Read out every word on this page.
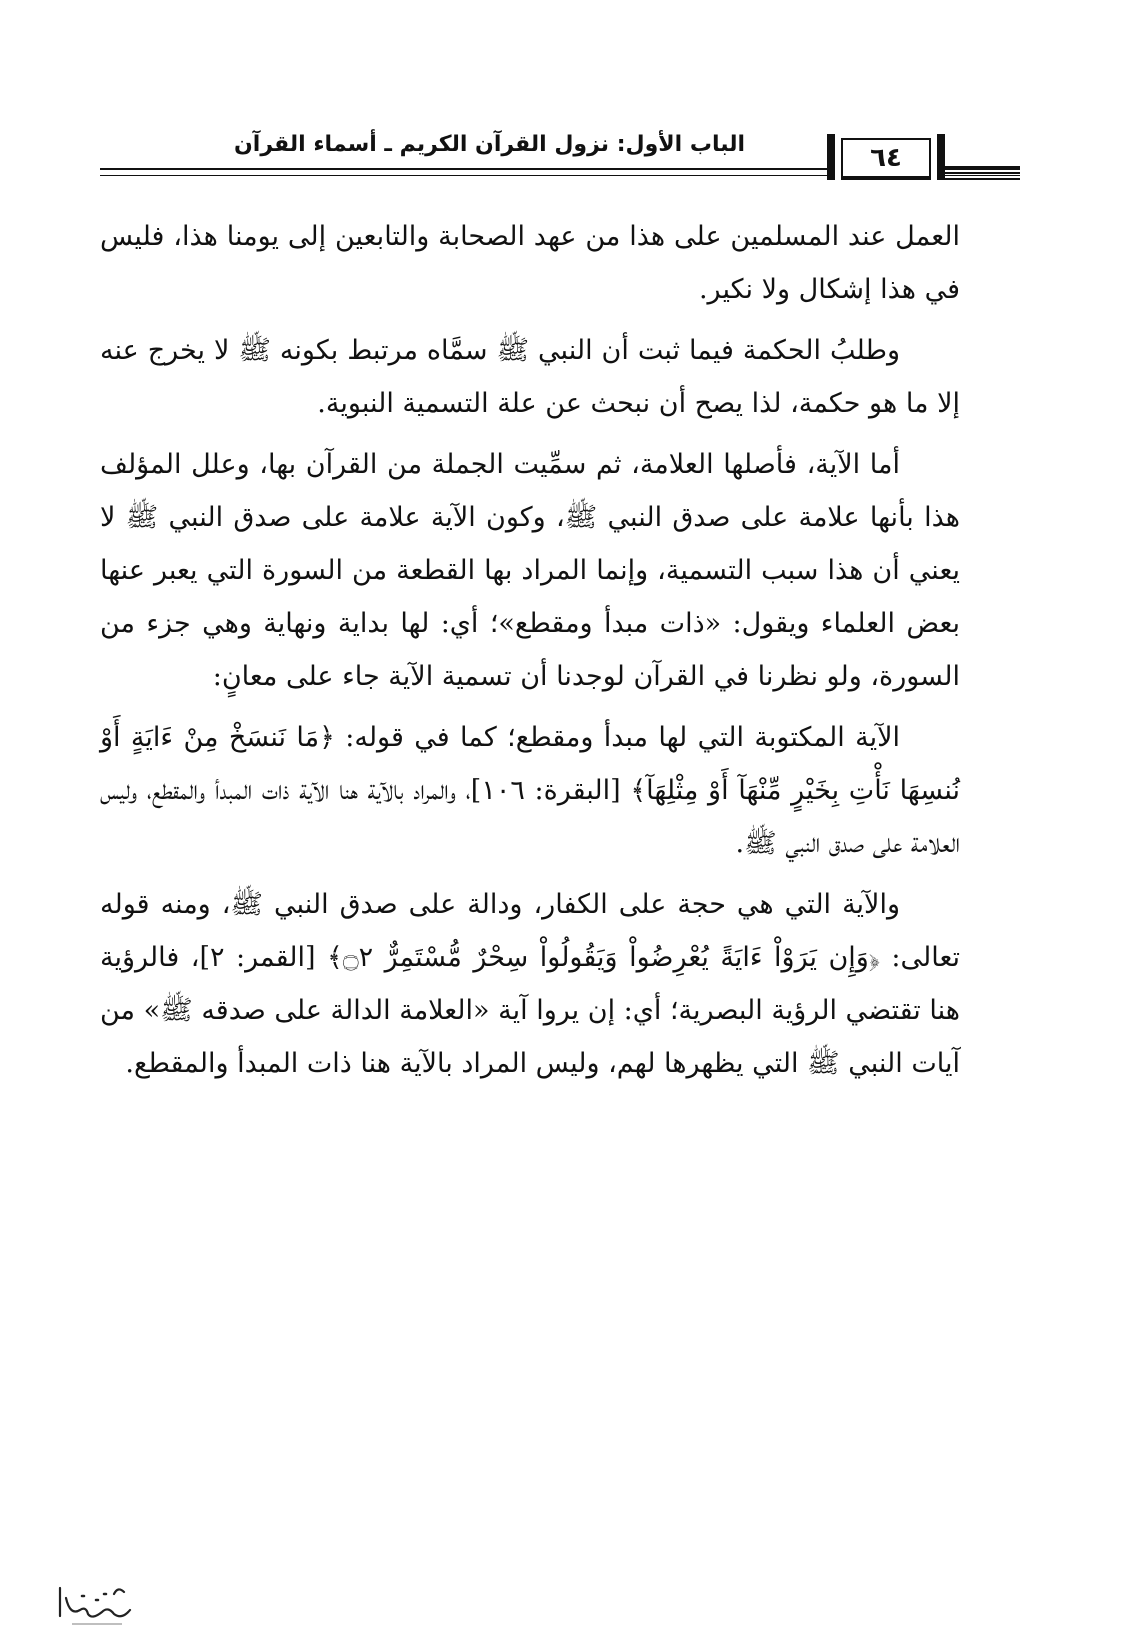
الباب الأول: نزول القرآن الكريم ـ أسماء القرآن	٦٤

العمل عند المسلمين على هذا من عهد الصحابة والتابعين إلى يومنا هذا، فليس في هذا إشكال ولا نكير.

وطلبُ الحكمة فيما ثبت أن النبي ﷺ سمَّاه مرتبط بكونه ﷺ لا يخرج عنه إلا ما هو حكمة، لذا يصح أن نبحث عن علة التسمية النبوية.

أما الآية، فأصلها العلامة، ثم سمِّيت الجملة من القرآن بها، وعلل المؤلف هذا بأنها علامة على صدق النبي ﷺ، وكون الآية علامة على صدق النبي ﷺ لا يعني أن هذا سبب التسمية، وإنما المراد بها القطعة من السورة التي يعبر عنها بعض العلماء ويقول: «ذات مبدأ ومقطع»؛ أي: لها بداية ونهاية وهي جزء من السورة، ولو نظرنا في القرآن لوجدنا أن تسمية الآية جاء على معانٍ:

الآية المكتوبة التي لها مبدأ ومقطع؛ كما في قوله: ﴿مَا نَنسَخْ مِنْ ءَايَةٍ أَوْ نُنسِهَا نَأْتِ بِخَيْرٍ مِّنْهَآ أَوْ مِثْلِهَآ﴾ [البقرة: ١٠٦]، والمراد بالآية هنا الآية ذات المبدأ والمقطع، وليس العلامة على صدق النبي ﷺ.

والآية التي هي حجة على الكفار، ودالة على صدق النبي ﷺ، ومنه قوله تعالى: ﴿وَإِن يَرَوْاْ ءَايَةً يُعْرِضُواْ وَيَقُولُواْ سِحْرٌ مُّسْتَمِرٌّ ۝٢﴾ [القمر: ٢]، فالرؤية هنا تقتضي الرؤية البصرية؛ أي: إن يروا آية «العلامة الدالة على صدقه ﷺ» من آيات النبي ﷺ التي يظهرها لهم، وليس المراد بالآية هنا ذات المبدأ والمقطع.
